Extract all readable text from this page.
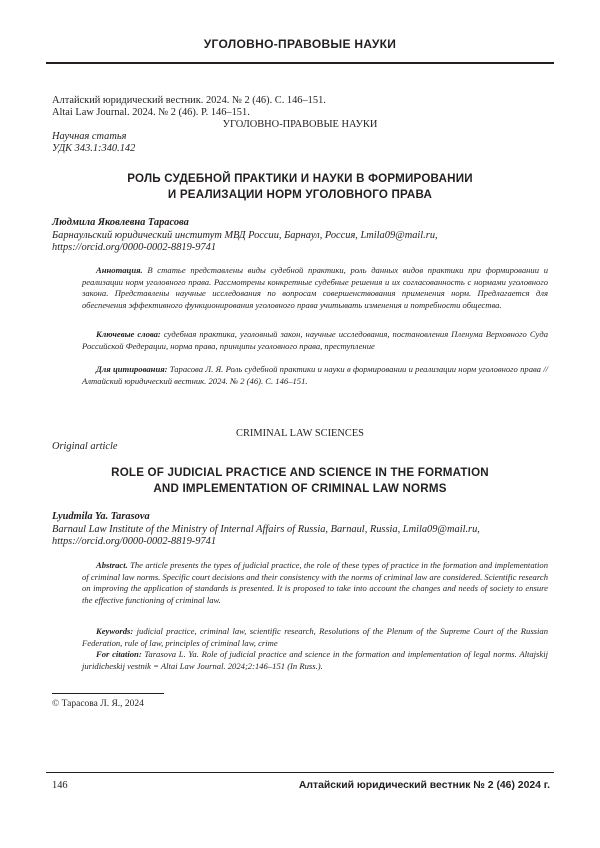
УГОЛОВНО-ПРАВОВЫЕ НАУКИ

Алтайский юридический вестник. 2024. № 2 (46). С. 146–151.

Altai Law Journal. 2024. № 2 (46). P. 146–151.

УГОЛОВНО-ПРАВОВЫЕ НАУКИ

Научная статья

УДК 343.1:340.142

РОЛЬ СУДЕБНОЙ ПРАКТИКИ И НАУКИ В ФОРМИРОВАНИИ

И РЕАЛИЗАЦИИ НОРМ УГОЛОВНОГО ПРАВА

Людмила Яковлевна Тарасова

Барнаульский юридический институт МВД России, Барнаул, Россия, Lmila09@mail.ru,

https://orcid.org/0000-0002-8819-9741

Аннотация. В статье представлены виды судебной практики, роль данных видов практики при формировании и реализации норм уголовного права. Рассмотрены конкретные судебные решения и их согласованность с нормами уголовного закона. Представлены научные исследования по вопросам совершенствования применения норм. Предлагается для обеспечения эффективного функционирования уголовного права учитывать изменения и потребности общества.

Ключевые слова: судебная практика, уголовный закон, научные исследования, постановления Пленума Верховного Суда Российской Федерации, норма права, принципы уголовного права, преступление

Для цитирования: Тарасова Л. Я. Роль судебной практики и науки в формировании и реализации норм уголовного права // Алтайский юридический вестник. 2024. № 2 (46). С. 146–151.

CRIMINAL LAW SCIENCES

Original article

ROLE OF JUDICIAL PRACTICE AND SCIENCE IN THE FORMATION

AND IMPLEMENTATION OF CRIMINAL LAW NORMS

Lyudmila Ya. Tarasova

Barnaul Law Institute of the Ministry of Internal Affairs of Russia, Barnaul, Russia, Lmila09@mail.ru,

https://orcid.org/0000-0002-8819-9741

Abstract. The article presents the types of judicial practice, the role of these types of practice in the formation and implementation of criminal law norms. Specific court decisions and their consistency with the norms of criminal law are considered. Scientific research on improving the application of standards is presented. It is proposed to take into account the changes and needs of society to ensure the effective functioning of criminal law.

Keywords: judicial practice, criminal law, scientific research, Resolutions of the Plenum of the Supreme Court of the Russian Federation, rule of law, principles of criminal law, crime

For citation: Tarasova L. Ya. Role of judicial practice and science in the formation and implementation of legal norms. Altajskij juridicheskij vestnik = Altai Law Journal. 2024;2:146–151 (In Russ.).

© Тарасова Л. Я., 2024

146	Алтайский юридический вестник № 2 (46) 2024 г.
